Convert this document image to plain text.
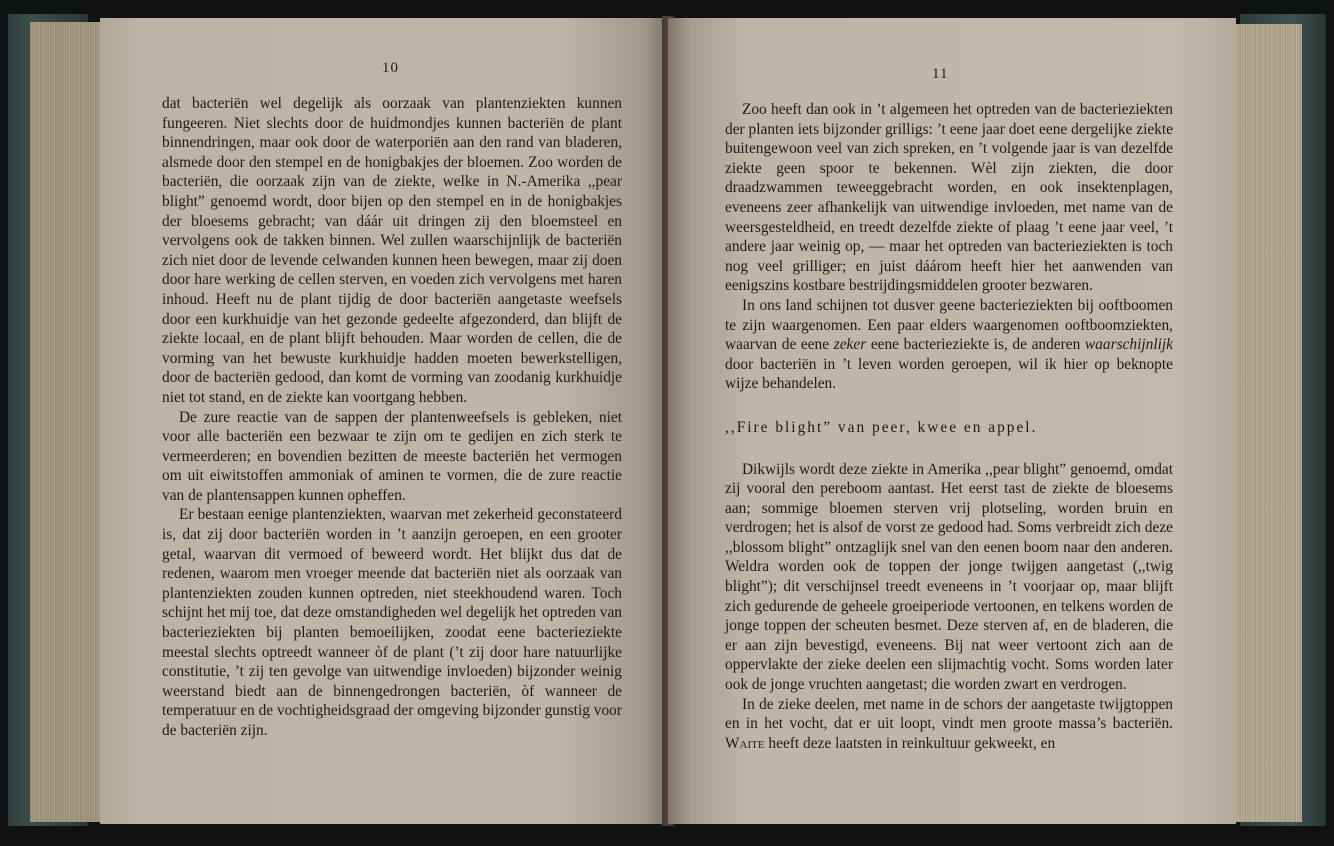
10

dat bacteriën wel degelijk als oorzaak van plantenziekten kunnen fungeeren. Niet slechts door de huidmondjes kunnen bacteriën de plant binnendringen, maar ook door de waterporiën aan den rand van bladeren, alsmede door den stempel en de honigbakjes der bloemen. Zoo worden de bacteriën, die oorzaak zijn van de ziekte, welke in N.-Amerika ,,pear blight” genoemd wordt, door bijen op den stempel en in de honigbakjes der bloesems gebracht; van dáár uit dringen zij den bloemsteel en vervolgens ook de takken binnen. Wel zullen waarschijnlijk de bacteriën zich niet door de levende celwanden kunnen heen bewegen, maar zij doen door hare werking de cellen sterven, en voeden zich vervolgens met haren inhoud. Heeft nu de plant tijdig de door bacteriën aangetaste weefsels door een kurkhuidje van het gezonde gedeelte afgezonderd, dan blijft de ziekte locaal, en de plant blijft behouden. Maar worden de cellen, die de vorming van het bewuste kurkhuidje hadden moeten bewerkstelligen, door de bacteriën gedood, dan komt de vorming van zoodanig kurkhuidje niet tot stand, en de ziekte kan voortgang hebben.

De zure reactie van de sappen der plantenweefsels is gebleken, niet voor alle bacteriën een bezwaar te zijn om te gedijen en zich sterk te vermeerderen; en bovendien bezitten de meeste bacteriën het vermogen om uit eiwitstoffen ammoniak of aminen te vormen, die de zure reactie van de plantensappen kunnen opheffen.

Er bestaan eenige plantenziekten, waarvan met zekerheid geconstateerd is, dat zij door bacteriën worden in ’t aanzijn geroepen, en een grooter getal, waarvan dit vermoed of beweerd wordt. Het blijkt dus dat de redenen, waarom men vroeger meende dat bacteriën niet als oorzaak van plantenziekten zouden kunnen optreden, niet steekhoudend waren. Toch schijnt het mij toe, dat deze omstandigheden wel degelijk het optreden van bacterieziekten bij planten bemoeilijken, zoodat eene bacterieziekte meestal slechts optreedt wanneer òf de plant (’t zij door hare natuurlijke constitutie, ’t zij ten gevolge van uitwendige invloeden) bijzonder weinig weerstand biedt aan de binnengedrongen bacteriën, òf wanneer de temperatuur en de vochtigheidsgraad der omgeving bijzonder gunstig voor de bacteriën zijn.

11

Zoo heeft dan ook in ’t algemeen het optreden van de bacterieziekten der planten iets bijzonder grilligs: ’t eene jaar doet eene dergelijke ziekte buitengewoon veel van zich spreken, en ’t volgende jaar is van dezelfde ziekte geen spoor te bekennen. Wèl zijn ziekten, die door draadzwammen teweeggebracht worden, en ook insektenplagen, eveneens zeer afhankelijk van uitwendige invloeden, met name van de weersgesteldheid, en treedt dezelfde ziekte of plaag ’t eene jaar veel, ’t andere jaar weinig op, — maar het optreden van bacterieziekten is toch nog veel grilliger; en juist dáárom heeft hier het aanwenden van eenigszins kostbare bestrijdingsmiddelen grooter bezwaren.

In ons land schijnen tot dusver geene bacterieziekten bij ooftboomen te zijn waargenomen. Een paar elders waargenomen ooftboomziekten, waarvan de eene zeker eene bacterieziekte is, de anderen waarschijnlijk door bacteriën in ’t leven worden geroepen, wil ik hier op beknopte wijze behandelen.

,,Fire blight” van peer, kwee en appel.

Dikwijls wordt deze ziekte in Amerika ,,pear blight” genoemd, omdat zij vooral den pereboom aantast. Het eerst tast de ziekte de bloesems aan; sommige bloemen sterven vrij plotseling, worden bruin en verdrogen; het is alsof de vorst ze gedood had. Soms verbreidt zich deze ,,blossom blight” ontzaglijk snel van den eenen boom naar den anderen. Weldra worden ook de toppen der jonge twijgen aangetast (,,twig blight”); dit verschijnsel treedt eveneens in ’t voorjaar op, maar blijft zich gedurende de geheele groeiperiode vertoonen, en telkens worden de jonge toppen der scheuten besmet. Deze sterven af, en de bladeren, die er aan zijn bevestigd, eveneens. Bij nat weer vertoont zich aan de oppervlakte der zieke deelen een slijmachtig vocht. Soms worden later ook de jonge vruchten aangetast; die worden zwart en verdrogen.

In de zieke deelen, met name in de schors der aangetaste twijgtoppen en in het vocht, dat er uit loopt, vindt men groote massa’s bacteriën. Waite heeft deze laatsten in reinkultuur gekweekt, en
